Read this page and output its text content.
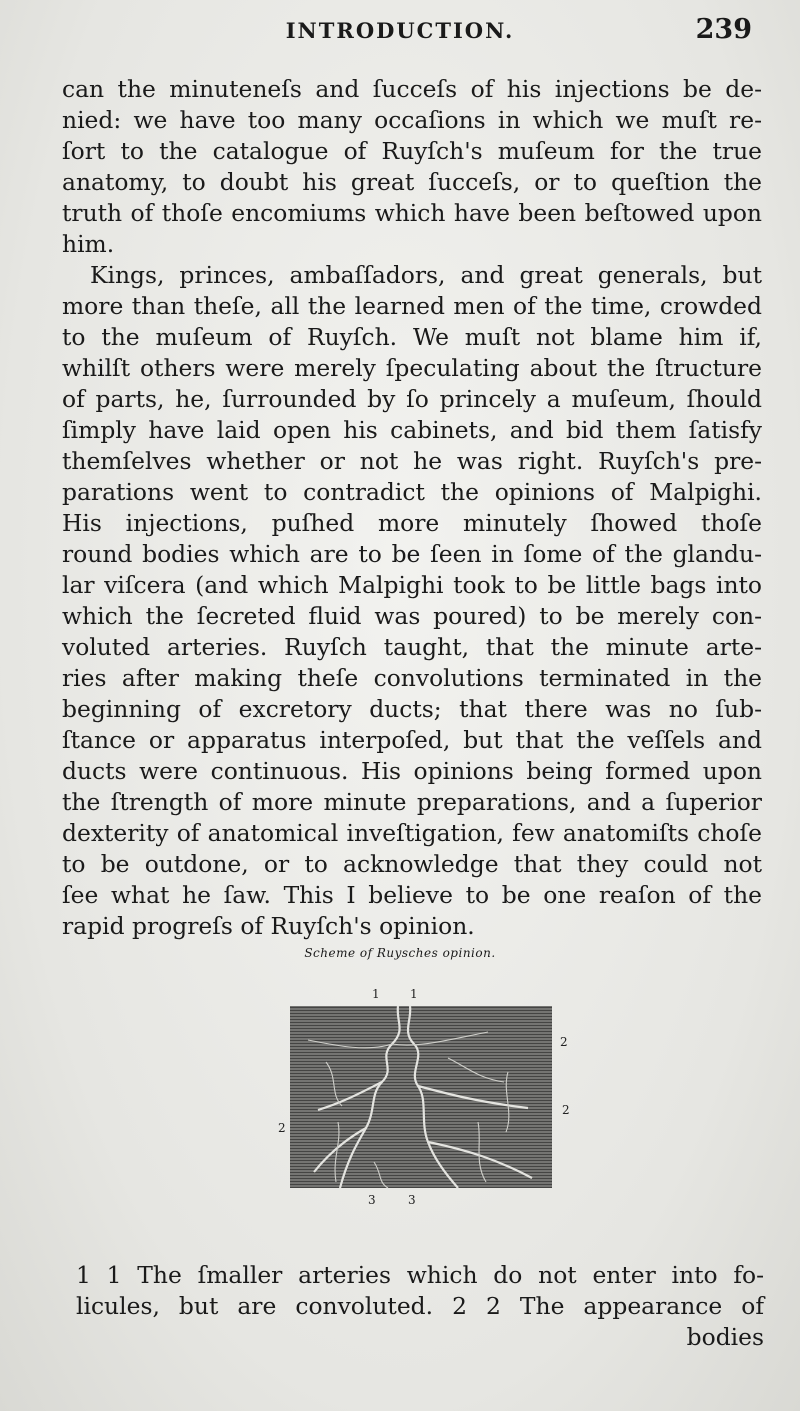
INTRODUCTION.	239
can the minuteneſs and ſucceſs of his injections be de-
nied: we have too many occaſions in which we muſt re-
ſort to the catalogue of Ruyſch's muſeum for the true
anatomy, to doubt his great ſucceſs, or to queſtion the
truth of thoſe encomiums which have been beſtowed upon
him.
Kings, princes, ambaſſadors, and great generals, but
more than theſe, all the learned men of the time, crowded
to the muſeum of Ruyſch. We muſt not blame him if,
whilſt others were merely ſpeculating about the ſtructure
of parts, he, ſurrounded by ſo princely a muſeum, ſhould
ſimply have laid open his cabinets, and bid them ſatisfy
themſelves whether or not he was right. Ruyſch's pre-
parations went to contradict the opinions of Malpighi.
His injections, puſhed more minutely ſhowed thoſe
round bodies which are to be ſeen in ſome of the glandu-
lar viſcera (and which Malpighi took to be little bags into
which the ſecreted fluid was poured) to be merely con-
voluted arteries. Ruyſch taught, that the minute arte-
ries after making theſe convolutions terminated in the
beginning of excretory ducts; that there was no ſub-
ſtance or apparatus interpoſed, but that the veſſels and
ducts were continuous. His opinions being formed upon
the ſtrength of more minute preparations, and a ſuperior
dexterity of anatomical inveſtigation, few anatomiſts choſe
to be outdone, or to acknowledge that they could not
ſee what he ſaw. This I believe to be one reaſon of the
rapid progreſs of Ruyſch's opinion.
Scheme of Ruysches opinion.
1	1
2
2
2
3	3
1 1 The ſmaller arteries which do not enter into fo-
licules, but are convoluted. 2 2 The appearance of
bodies
